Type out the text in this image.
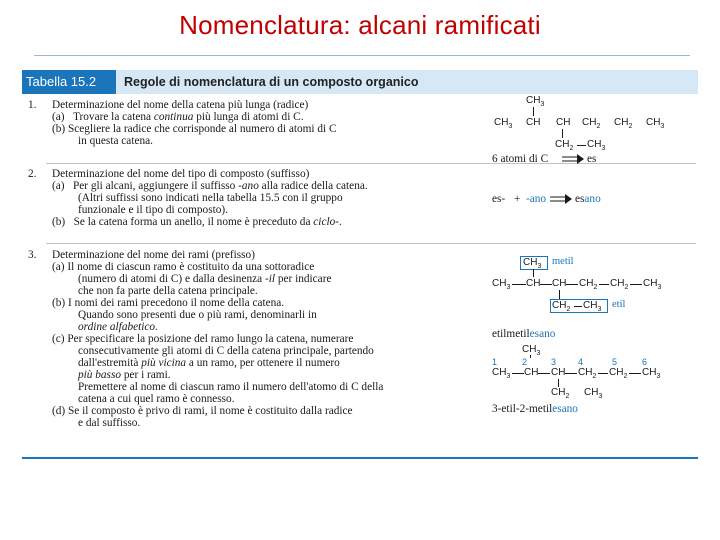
Nomenclatura: alcani ramificati
Tabella 15.2	Regole di nomenclatura di un composto organico
1. Determinazione del nome della catena più lunga (radice)
(a)   Trovare la catena continua più lunga di atomi di C.
(b) Scegliere la radice che corrisponde al numero di atomi di C
in questa catena.
2. Determinazione del nome del tipo di composto (suffisso)
(a)   Per gli alcani, aggiungere il suffisso -ano alla radice della catena.
(Altri suffissi sono indicati nella tabella 15.5 con il gruppo
funzionale e il tipo di composto).
(b)   Se la catena forma un anello, il nome è preceduto da ciclo-.
3. Determinazione del nome dei rami (prefisso)
(a) Il nome di ciascun ramo è costituito da una sottoradice
(numero di atomi di C) e dalla desinenza -il per indicare
che non fa parte della catena principale.
(b) I nomi dei rami precedono il nome della catena.
Quando sono presenti due o più rami, denominarli in
ordine alfabetico.
(c) Per specificare la posizione del ramo lungo la catena, numerare
consecutivamente gli atomi di C della catena principale, partendo
dall'estremità più vicina a un ramo, per ottenere il numero
più basso per i rami.
Premettere al nome di ciascun ramo il numero dell'atomo di C della
catena a cui quel ramo è connesso.
(d) Se il composto è privo di rami, il nome è costituito dalla radice
e dal suffisso.
$CH_3$
$CH_3$ CH CH $CH_2$ $CH_2$ $CH_3$
$CH_2$ $CH_3$
6 atomi di C	es
es- + -ano	esano
$CH_3$ metil
$CH_3$ CH CH $CH_2$ $CH_2$ $CH_3$
$CH_2$ $CH_3$ etil
etilmetilesano
$CH_3$
1	2	3 4	5	6
$CH_3$ CH CH $CH_2$ $CH_2$ $CH_3$
$CH_2$ $CH_3$
3-etil-2-metilesano
